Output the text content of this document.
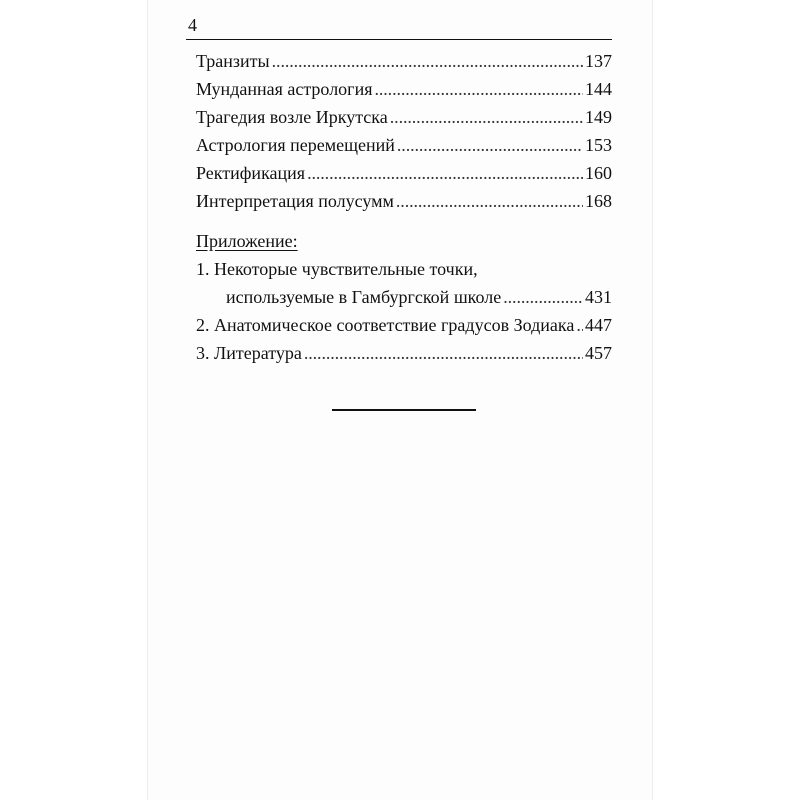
4
Транзиты . . .	137
Мунданная астрология . . .	144
Трагедия возле Иркутска . . .	149
Астрология перемещений . . .	153
Ректификация . . .	160
Интерпретация полусумм . . .	168
Приложение:
1. Некоторые чувствительные точки,
используемые в Гамбургской школе . . .	431
2. Анатомическое соответствие градусов Зодиака . . . 447
3. Литература . . .	457
